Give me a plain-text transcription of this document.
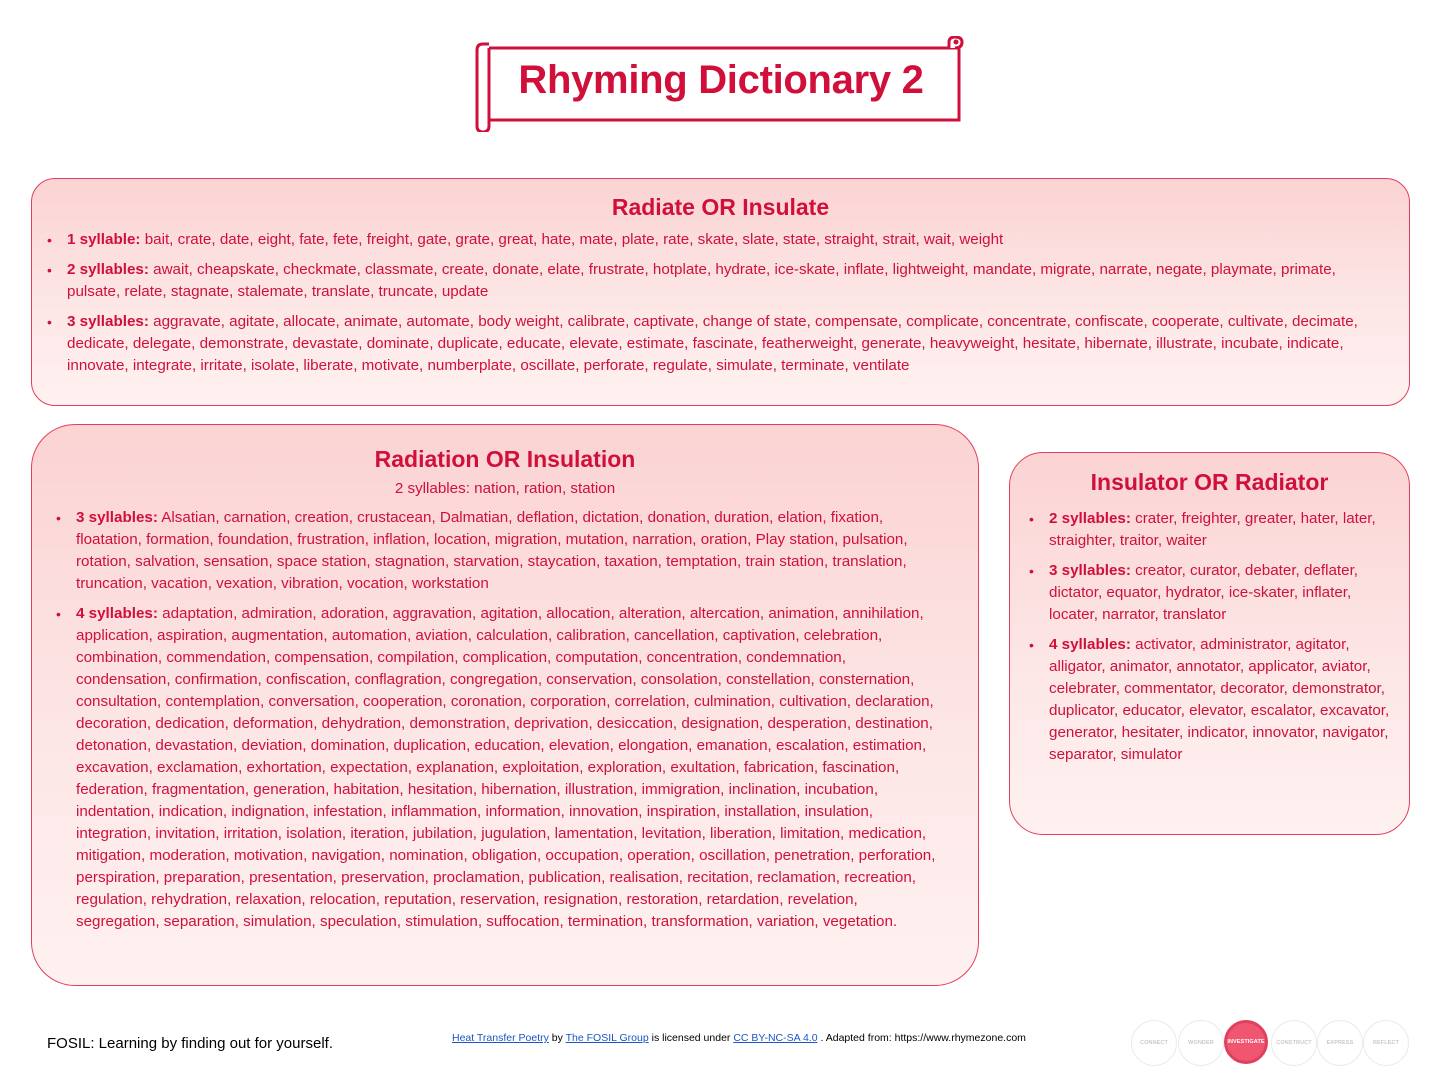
Rhyming Dictionary 2
Radiate OR Insulate
• 1 syllable: bait, crate, date, eight, fate, fete, freight, gate, grate, great, hate, mate, plate, rate, skate, slate, state, straight, strait, wait, weight
• 2 syllables: await, cheapskate, checkmate, classmate, create, donate, elate, frustrate, hotplate, hydrate, ice-skate, inflate, lightweight, mandate, migrate, narrate, negate, playmate, primate, pulsate, relate, stagnate, stalemate, translate, truncate, update
• 3 syllables: aggravate, agitate, allocate, animate, automate, body weight, calibrate, captivate, change of state, compensate, complicate, concentrate, confiscate, cooperate, cultivate, decimate, dedicate, delegate, demonstrate, devastate, dominate, duplicate, educate, elevate, estimate, fascinate, featherweight, generate, heavyweight, hesitate, hibernate, illustrate, incubate, indicate, innovate, integrate, irritate, isolate, liberate, motivate, numberplate, oscillate, perforate, regulate, simulate, terminate, ventilate
Radiation OR Insulation
2 syllables: nation, ration, station
• 3 syllables: Alsatian, carnation, creation, crustacean, Dalmatian, deflation, dictation, donation, duration, elation, fixation, floatation, formation, foundation, frustration, inflation, location, migration, mutation, narration, oration, Play station, pulsation, rotation, salvation, sensation, space station, stagnation, starvation, staycation, taxation, temptation, train station, translation, truncation, vacation, vexation, vibration, vocation, workstation
• 4 syllables: adaptation, admiration, adoration, aggravation, agitation, allocation, alteration, altercation, animation, annihilation, application, aspiration, augmentation, automation, aviation, calculation, calibration, cancellation, captivation, celebration, combination, commendation, compensation, compilation, complication, computation, concentration, condemnation, condensation, confirmation, confiscation, conflagration, congregation, conservation, consolation, constellation, consternation, consultation, contemplation, conversation, cooperation, coronation, corporation, correlation, culmination, cultivation, declaration, decoration, dedication, deformation, dehydration, demonstration, deprivation, desiccation, designation, desperation, destination, detonation, devastation, deviation, domination, duplication, education, elevation, elongation, emanation, escalation, estimation, excavation, exclamation, exhortation, expectation, explanation, exploitation, exploration, exultation, fabrication, fascination, federation, fragmentation, generation, habitation, hesitation, hibernation, illustration, immigration, inclination, incubation, indentation, indication, indignation, infestation, inflammation, information, innovation, inspiration, installation, insulation, integration, invitation, irritation, isolation, iteration, jubilation, jugulation, lamentation, levitation, liberation, limitation, medication, mitigation, moderation, motivation, navigation, nomination, obligation, occupation, operation, oscillation, penetration, perforation, perspiration, preparation, presentation, preservation, proclamation, publication, realisation, recitation, reclamation, recreation, regulation, rehydration, relaxation, relocation, reputation, reservation, resignation, restoration, retardation, revelation, segregation, separation, simulation, speculation, stimulation, suffocation, termination, transformation, variation, vegetation.
Insulator OR Radiator
• 2 syllables: crater, freighter, greater, hater, later, straighter, traitor, waiter
• 3 syllables: creator, curator, debater, deflater, dictator, equator, hydrator, ice-skater, inflater, locater, narrator, translator
• 4 syllables: activator, administrator, agitator, alligator, animator, annotator, applicator, aviator, celebrater, commentator, decorator, demonstrator, duplicator, educator, elevator, escalator, excavator, generator, hesitater, indicator, innovator, navigator, separator, simulator
FOSIL: Learning by finding out for yourself.	Heat Transfer Poetry by The FOSIL Group is licensed under CC BY-NC-SA 4.0 . Adapted from: https://www.rhymezone.com	CONNECT	WONDER	INVESTIGATE	CONSTRUCT	EXPRESS	REFLECT
